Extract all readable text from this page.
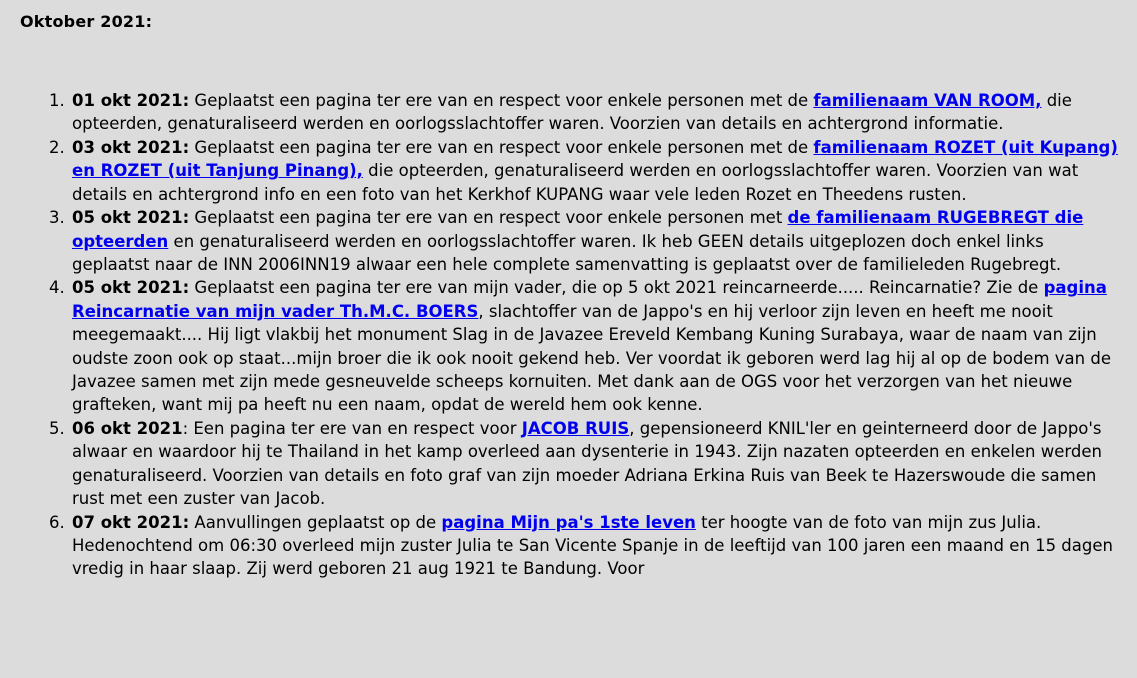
Oktober 2021:
1. 01 okt 2021: Geplaatst een pagina ter ere van en respect voor enkele personen met de familienaam VAN ROOM, die opteerden, genaturaliseerd werden en oorlogsslachtoffer waren. Voorzien van details en achtergrond informatie.
2. 03 okt 2021: Geplaatst een pagina ter ere van en respect voor enkele personen met de familienaam ROZET (uit Kupang) en ROZET (uit Tanjung Pinang), die opteerden, genaturaliseerd werden en oorlogsslachtoffer waren. Voorzien van wat details en achtergrond info en een foto van het Kerkhof KUPANG waar vele leden Rozet en Theedens rusten.
3. 05 okt 2021: Geplaatst een pagina ter ere van en respect voor enkele personen met de familienaam RUGEBREGT die opteerden en genaturaliseerd werden en oorlogsslachtoffer waren. Ik heb GEEN details uitgeplozen doch enkel links geplaatst naar de INN 2006INN19 alwaar een hele complete samenvatting is geplaatst over de familieleden Rugebregt.
4. 05 okt 2021: Geplaatst een pagina ter ere van mijn vader, die op 5 okt 2021 reincarneerde..... Reincarnatie? Zie de pagina Reincarnatie van mijn vader Th.M.C. BOERS, slachtoffer van de Jappo's en hij verloor zijn leven en heeft me nooit meegemaakt.... Hij ligt vlakbij het monument Slag in de Javazee Ereveld Kembang Kuning Surabaya, waar de naam van zijn oudste zoon ook op staat...mijn broer die ik ook nooit gekend heb. Ver voordat ik geboren werd lag hij al op de bodem van de Javazee samen met zijn mede gesneuvelde scheeps kornuiten. Met dank aan de OGS voor het verzorgen van het nieuwe grafteken, want mij pa heeft nu een naam, opdat de wereld hem ook kenne.
5. 06 okt 2021: Een pagina ter ere van en respect voor JACOB RUIS, gepensioneerd KNIL'ler en geinterneerd door de Jappo's alwaar en waardoor hij te Thailand in het kamp overleed aan dysenterie in 1943. Zijn nazaten opteerden en enkelen werden genaturaliseerd. Voorzien van details en foto graf van zijn moeder Adriana Erkina Ruis van Beek te Hazerswoude die samen rust met een zuster van Jacob.
6. 07 okt 2021: Aanvullingen geplaatst op de pagina Mijn pa's 1ste leven ter hoogte van de foto van mijn zus Julia. Hedenochtend om 06:30 overleed mijn zuster Julia te San Vicente Spanje in de leeftijd van 100 jaren een maand en 15 dagen vredig in haar slaap. Zij werd geboren 21 aug 1921 te Bandung. Voor
